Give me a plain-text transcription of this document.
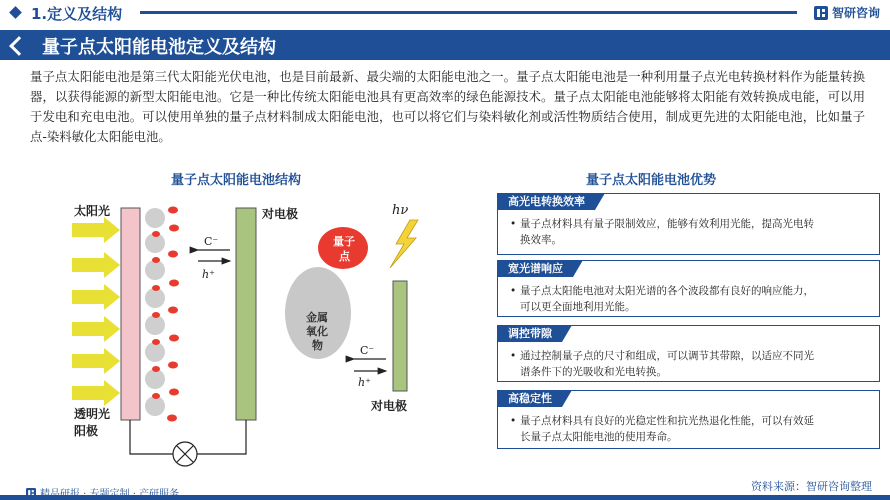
1.定义及结构	智研咨询
量子点太阳能电池定义及结构
量子点太阳能电池是第三代太阳能光伏电池，也是目前最新、最尖端的太阳能电池之一。量子点太阳能电池是一种利用量子点光电转换材料作为能量转换器，以获得能源的新型太阳能电池。它是一种比传统太阳能电池具有更高效率的绿色能源技术。量子点太阳能电池能够将太阳能有效转换成电能，可以用于发电和充电电池。可以使用单独的量子点材料制成太阳能电池，也可以将它们与染料敏化剂或活性物质结合使用，制成更先进的太阳能电池，比如量子点-染料敏化太阳能电池。
量子点太阳能电池结构	量子点太阳能电池优势
C⁻
h⁺
太阳光
透明光
阳极
对电极	hν
量子
点
金属
氧化
物	C⁻
h⁺
对电极
高光电转换效率
• 量子点材料具有量子限制效应，能够有效利用光能，提高光电转换效率。
宽光谱响应
• 量子点太阳能电池对太阳光谱的各个波段都有良好的响应能力，可以更全面地利用光能。
调控带隙
• 通过控制量子点的尺寸和组成，可以调节其带隙，以适应不同光谱条件下的光吸收和光电转换。
高稳定性
• 量子点材料具有良好的光稳定性和抗光热退化性能，可以有效延长量子点太阳能电池的使用寿命。
资料来源：智研咨询整理
